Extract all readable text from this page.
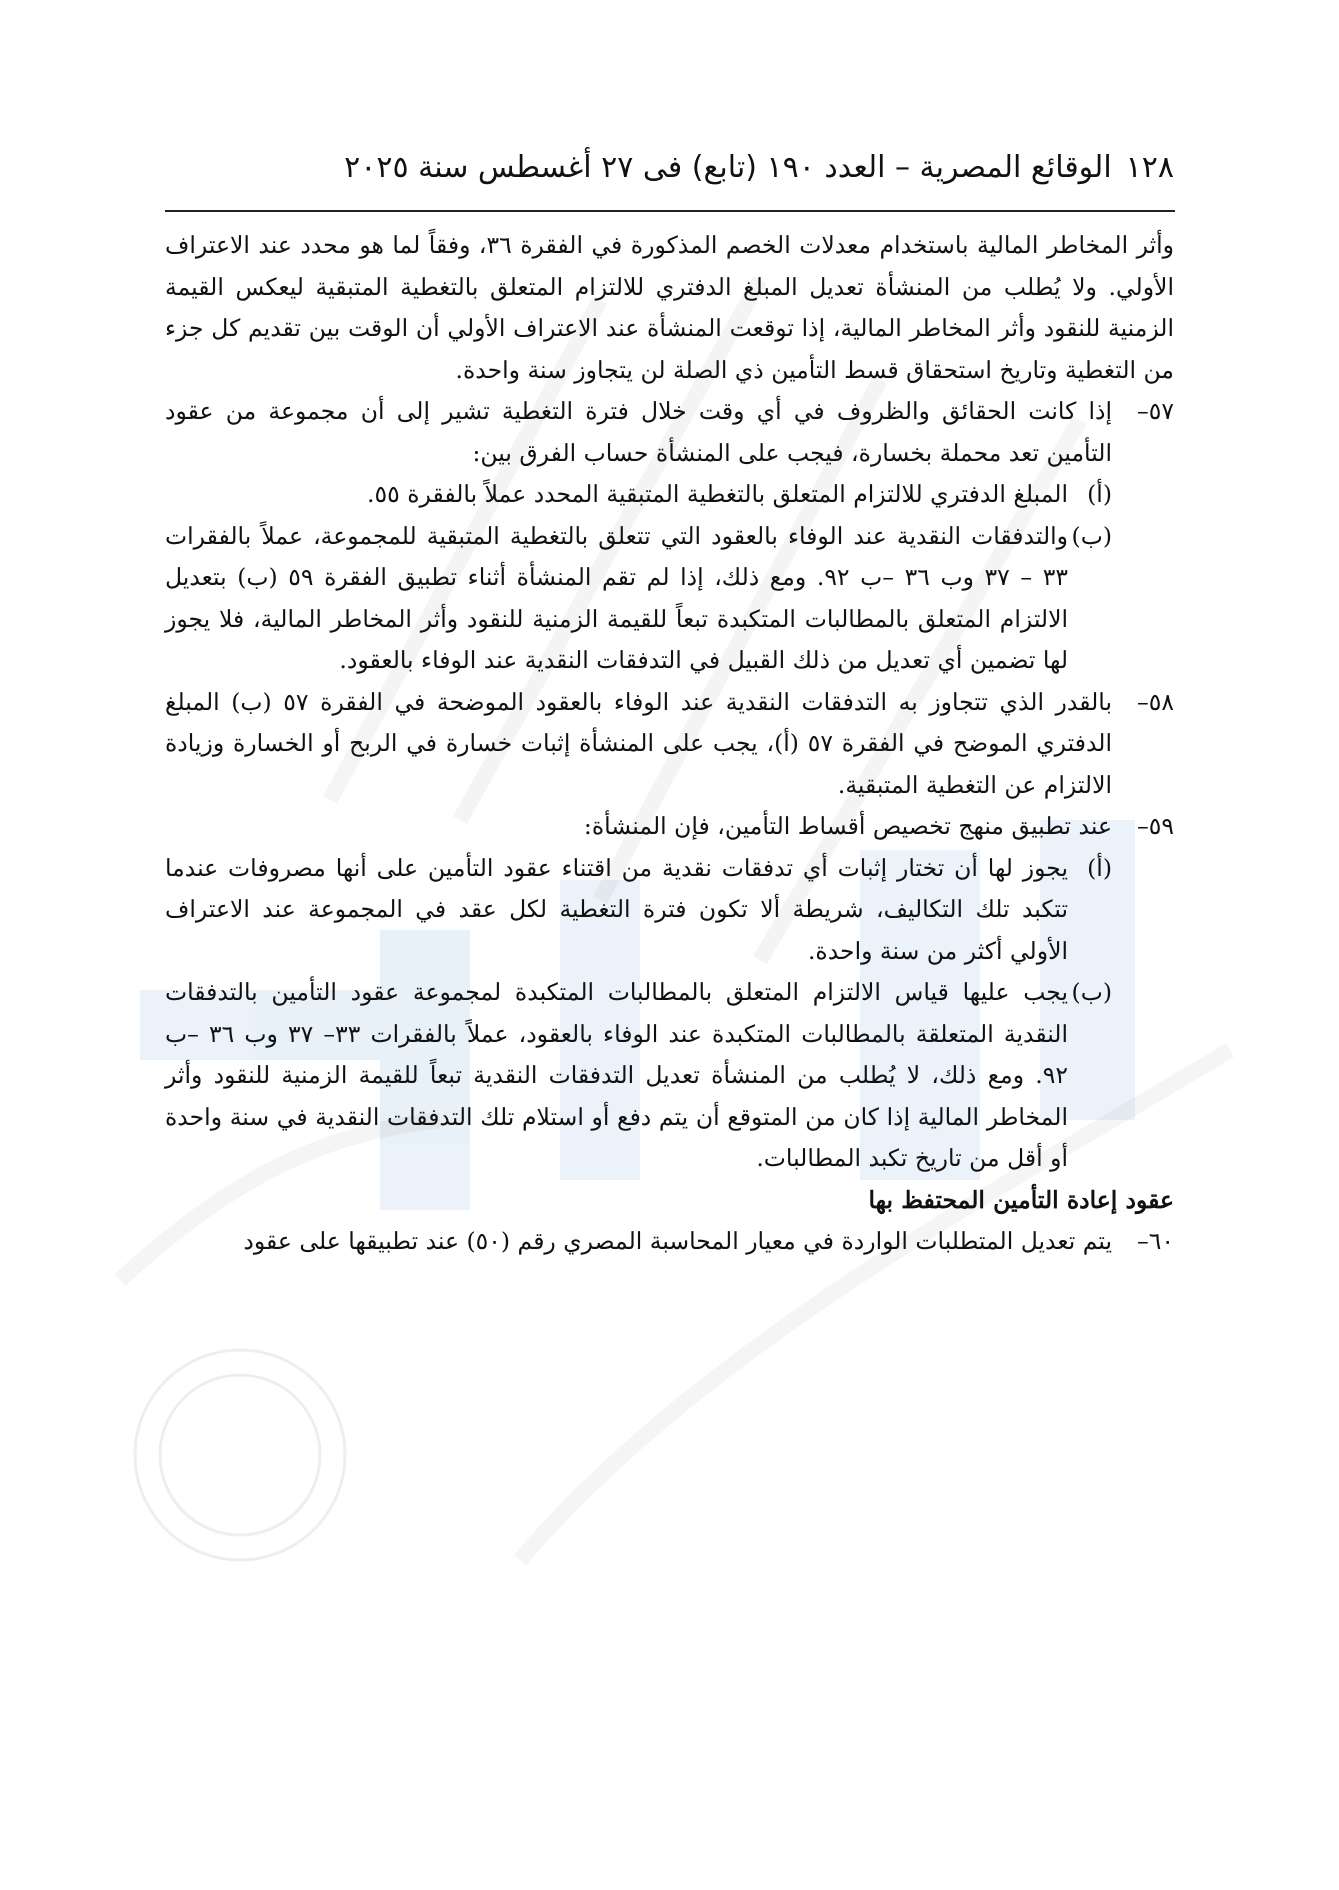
١٢٨الوقائع المصرية – العدد ١٩٠ (تابع) فى ٢٧ أغسطس سنة ٢٠٢٥

وأثر المخاطر المالية باستخدام معدلات الخصم المذكورة في الفقرة ٣٦، وفقاً لما هو محدد عند الاعتراف الأولي. ولا يُطلب من المنشأة تعديل المبلغ الدفتري للالتزام المتعلق بالتغطية المتبقية ليعكس القيمة الزمنية للنقود وأثر المخاطر المالية، إذا توقعت المنشأة عند الاعتراف الأولي أن الوقت بين تقديم كل جزء من التغطية وتاريخ استحقاق قسط التأمين ذي الصلة لن يتجاوز سنة واحدة.

٥٧–
إذا كانت الحقائق والظروف في أي وقت خلال فترة التغطية تشير إلى أن مجموعة من عقود التأمين تعد محملة بخسارة، فيجب على المنشأة حساب الفرق بين:
(أ)
المبلغ الدفتري للالتزام المتعلق بالتغطية المتبقية المحدد عملاً بالفقرة ٥٥.
(ب)
والتدفقات النقدية عند الوفاء بالعقود التي تتعلق بالتغطية المتبقية للمجموعة، عملاً بالفقرات ٣٣ – ٣٧ وب ٣٦ –ب ٩٢. ومع ذلك، إذا لم تقم المنشأة أثناء تطبيق الفقرة ٥٩ (ب) بتعديل الالتزام المتعلق بالمطالبات المتكبدة تبعاً للقيمة الزمنية للنقود وأثر المخاطر المالية، فلا يجوز لها تضمين أي تعديل من ذلك القبيل في التدفقات النقدية عند الوفاء بالعقود.
٥٨–
بالقدر الذي تتجاوز به التدفقات النقدية عند الوفاء بالعقود الموضحة في الفقرة ٥٧ (ب) المبلغ الدفتري الموضح في الفقرة ٥٧ (أ)، يجب على المنشأة إثبات خسارة في الربح أو الخسارة وزيادة الالتزام عن التغطية المتبقية.
٥٩–
عند تطبيق منهج تخصيص أقساط التأمين، فإن المنشأة:
(أ)
يجوز لها أن تختار إثبات أي تدفقات نقدية من اقتناء عقود التأمين على أنها مصروفات عندما تتكبد تلك التكاليف، شريطة ألا تكون فترة التغطية لكل عقد في المجموعة عند الاعتراف الأولي أكثر من سنة واحدة.
(ب)
يجب عليها قياس الالتزام المتعلق بالمطالبات المتكبدة لمجموعة عقود التأمين بالتدفقات النقدية المتعلقة بالمطالبات المتكبدة عند الوفاء بالعقود، عملاً بالفقرات ٣٣– ٣٧ وب ٣٦ –ب ٩٢. ومع ذلك، لا يُطلب من المنشأة تعديل التدفقات النقدية تبعاً للقيمة الزمنية للنقود وأثر المخاطر المالية إذا كان من المتوقع أن يتم دفع أو استلام تلك التدفقات النقدية في سنة واحدة أو أقل من تاريخ تكبد المطالبات.

عقود إعادة التأمين المحتفظ بها

٦٠–
يتم تعديل المتطلبات الواردة في معيار المحاسبة المصري رقم (٥٠) عند تطبيقها على عقود
